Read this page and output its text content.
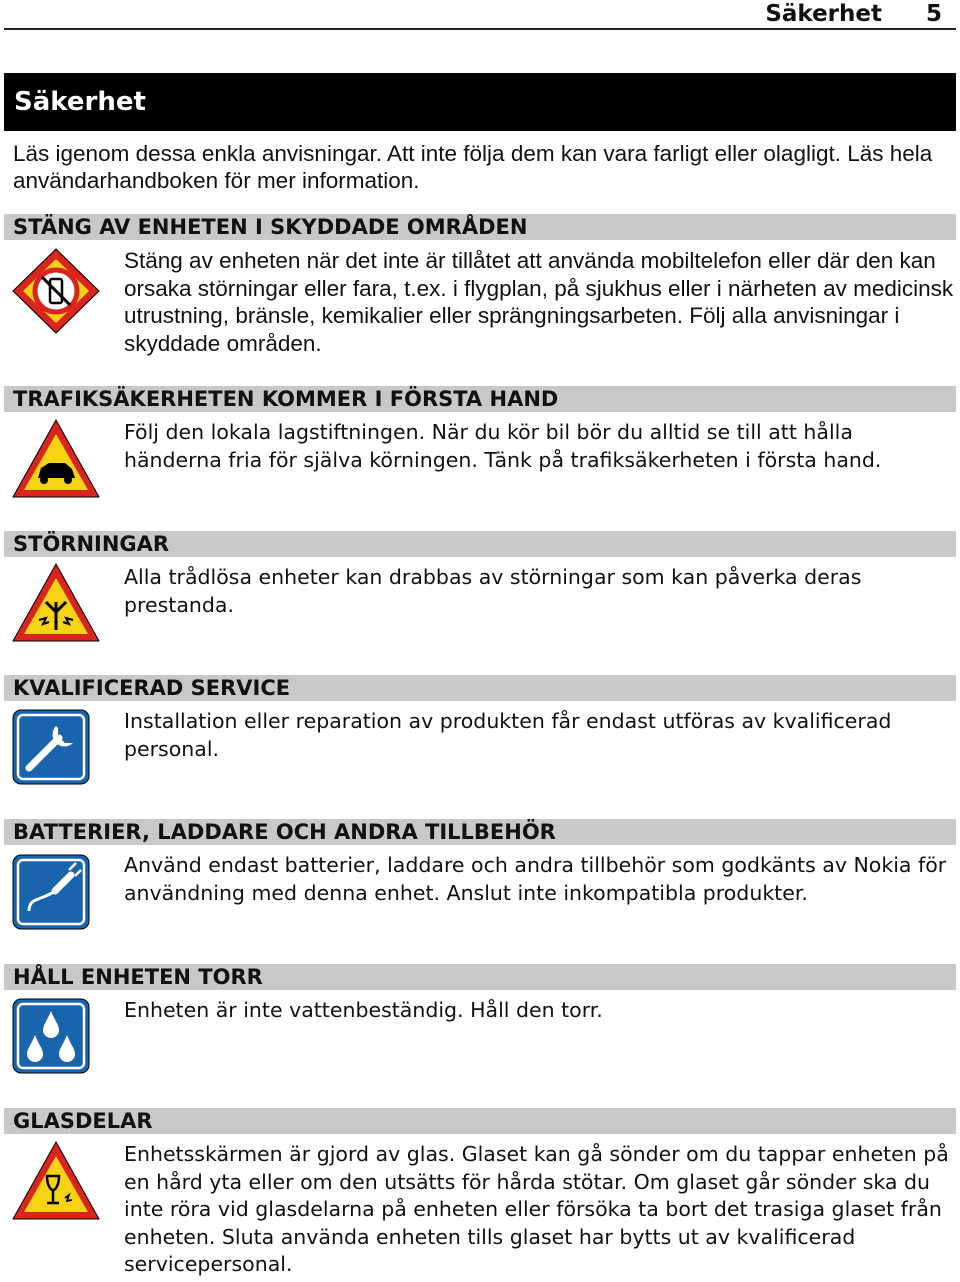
Säkerhet 5
Säkerhet
Läs igenom dessa enkla anvisningar. Att inte följa dem kan vara farligt eller olagligt. Läs hela användarhandboken för mer information.
STÄNG AV ENHETEN I SKYDDADE OMRÅDEN
Stäng av enheten när det inte är tillåtet att använda mobiltelefon eller där den kan orsaka störningar eller fara, t.ex. i flygplan, på sjukhus eller i närheten av medicinsk utrustning, bränsle, kemikalier eller sprängningsarbeten. Följ alla anvisningar i skyddade områden.
TRAFIKSÄKERHETEN KOMMER I FÖRSTA HAND
Följ den lokala lagstiftningen. När du kör bil bör du alltid se till att hålla händerna fria för själva körningen. Tänk på trafiksäkerheten i första hand.
STÖRNINGAR
Alla trådlösa enheter kan drabbas av störningar som kan påverka deras prestanda.
KVALIFICERAD SERVICE
Installation eller reparation av produkten får endast utföras av kvalificerad personal.
BATTERIER, LADDARE OCH ANDRA TILLBEHÖR
Använd endast batterier, laddare och andra tillbehör som godkänts av Nokia för användning med denna enhet. Anslut inte inkompatibla produkter.
HÅLL ENHETEN TORR
Enheten är inte vattenbeständig. Håll den torr.
GLASDELAR
Enhetsskärmen är gjord av glas. Glaset kan gå sönder om du tappar enheten på en hård yta eller om den utsätts för hårda stötar. Om glaset går sönder ska du inte röra vid glasdelarna på enheten eller försöka ta bort det trasiga glaset från enheten. Sluta använda enheten tills glaset har bytts ut av kvalificerad servicepersonal.
